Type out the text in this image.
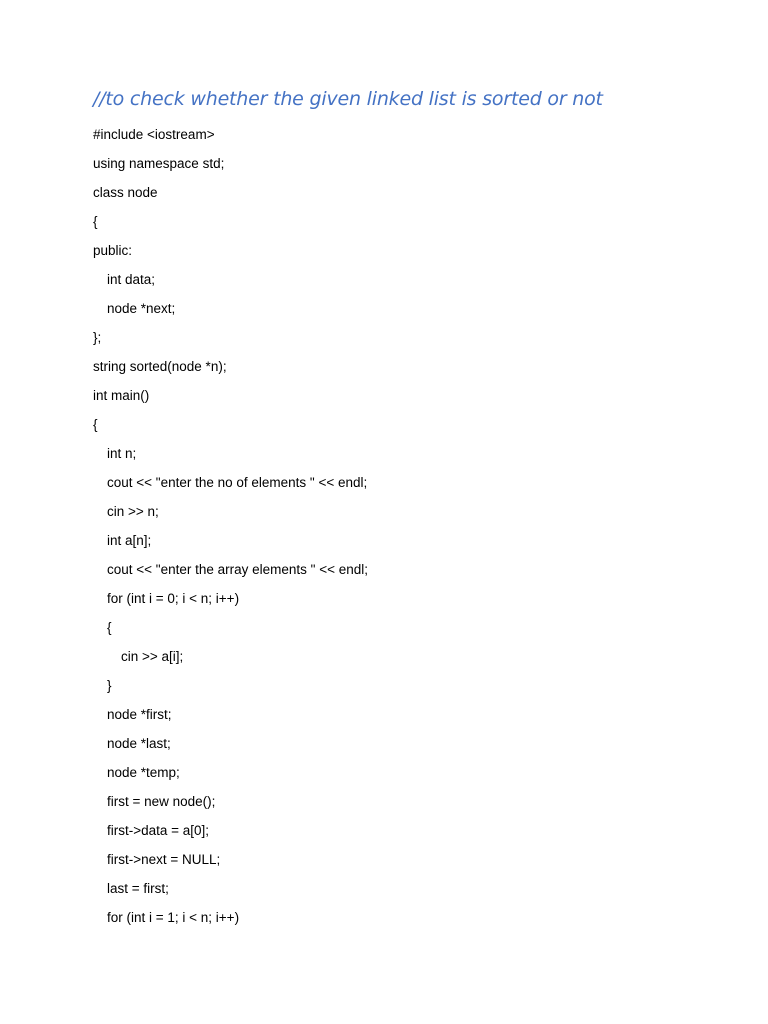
//to check whether the given linked list is sorted or not
#include <iostream>
using namespace std;
class node
{
public:
int data;
node *next;
};
string sorted(node *n);
int main()
{
int n;
cout << "enter the no of elements " << endl;
cin >> n;
int a[n];
cout << "enter the array elements " << endl;
for (int i = 0; i < n; i++)
{
cin >> a[i];
}
node *first;
node *last;
node *temp;
first = new node();
first->data = a[0];
first->next = NULL;
last = first;
for (int i = 1; i < n; i++)
